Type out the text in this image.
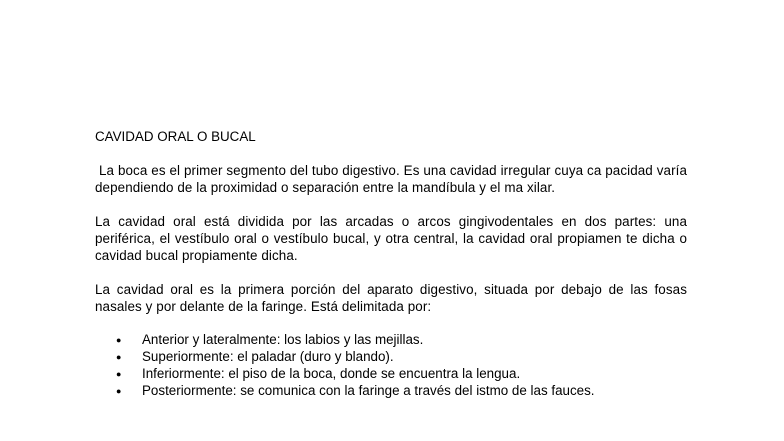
CAVIDAD ORAL O BUCAL

La boca es el primer segmento del tubo digestivo. Es una cavidad irregular cuya ca pacidad varía dependiendo de la proximidad o separación entre la mandíbula y el ma xilar.

La cavidad oral está dividida por las arcadas o arcos gingivodentales en dos partes: una periférica, el vestíbulo oral o vestíbulo bucal, y otra central, la cavidad oral propiamen te dicha o cavidad bucal propiamente dicha.

La cavidad oral es la primera porción del aparato digestivo, situada por debajo de las fosas nasales y por delante de la faringe. Está delimitada por:

●	Anterior y lateralmente: los labios y las mejillas.
●	Superiormente: el paladar (duro y blando).
●	Inferiormente: el piso de la boca, donde se encuentra la lengua.
●	Posteriormente: se comunica con la faringe a través del istmo de las fauces.
